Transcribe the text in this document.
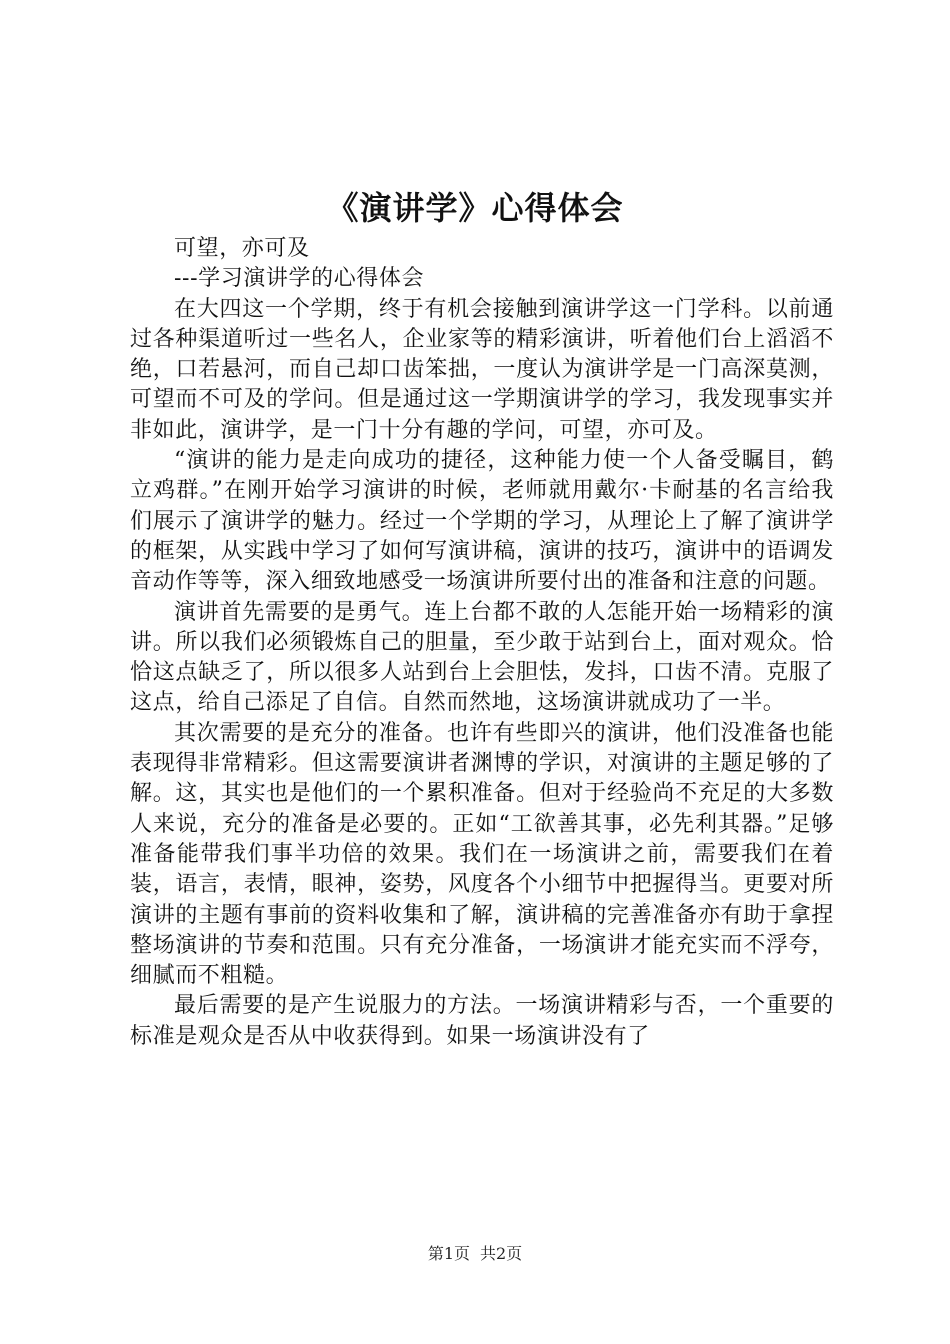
《演讲学》心得体会

可望，亦可及

---学习演讲学的心得体会

在大四这一个学期，终于有机会接触到演讲学这一门学科。以前通过各种渠道听过一些名人，企业家等的精彩演讲，听着他们台上滔滔不绝，口若悬河，而自己却口齿笨拙，一度认为演讲学是一门高深莫测，可望而不可及的学问。但是通过这一学期演讲学的学习，我发现事实并非如此，演讲学，是一门十分有趣的学问，可望，亦可及。

“演讲的能力是走向成功的捷径，这种能力使一个人备受瞩目，鹤立鸡群。”在刚开始学习演讲的时候，老师就用戴尔·卡耐基的名言给我们展示了演讲学的魅力。经过一个学期的学习，从理论上了解了演讲学的框架，从实践中学习了如何写演讲稿，演讲的技巧，演讲中的语调发音动作等等，深入细致地感受一场演讲所要付出的准备和注意的问题。

演讲首先需要的是勇气。连上台都不敢的人怎能开始一场精彩的演讲。所以我们必须锻炼自己的胆量，至少敢于站到台上，面对观众。恰恰这点缺乏了，所以很多人站到台上会胆怯，发抖，口齿不清。克服了这点，给自己添足了自信。自然而然地，这场演讲就成功了一半。

其次需要的是充分的准备。也许有些即兴的演讲，他们没准备也能表现得非常精彩。但这需要演讲者渊博的学识，对演讲的主题足够的了解。这，其实也是他们的一个累积准备。但对于经验尚不充足的大多数人来说，充分的准备是必要的。正如“工欲善其事，必先利其器。”足够准备能带我们事半功倍的效果。我们在一场演讲之前，需要我们在着装，语言，表情，眼神，姿势，风度各个小细节中把握得当。更要对所演讲的主题有事前的资料收集和了解，演讲稿的完善准备亦有助于拿捏整场演讲的节奏和范围。只有充分准备，一场演讲才能充实而不浮夸，细腻而不粗糙。

最后需要的是产生说服力的方法。一场演讲精彩与否，一个重要的标准是观众是否从中收获得到。如果一场演讲没有了

第1页 共2页
